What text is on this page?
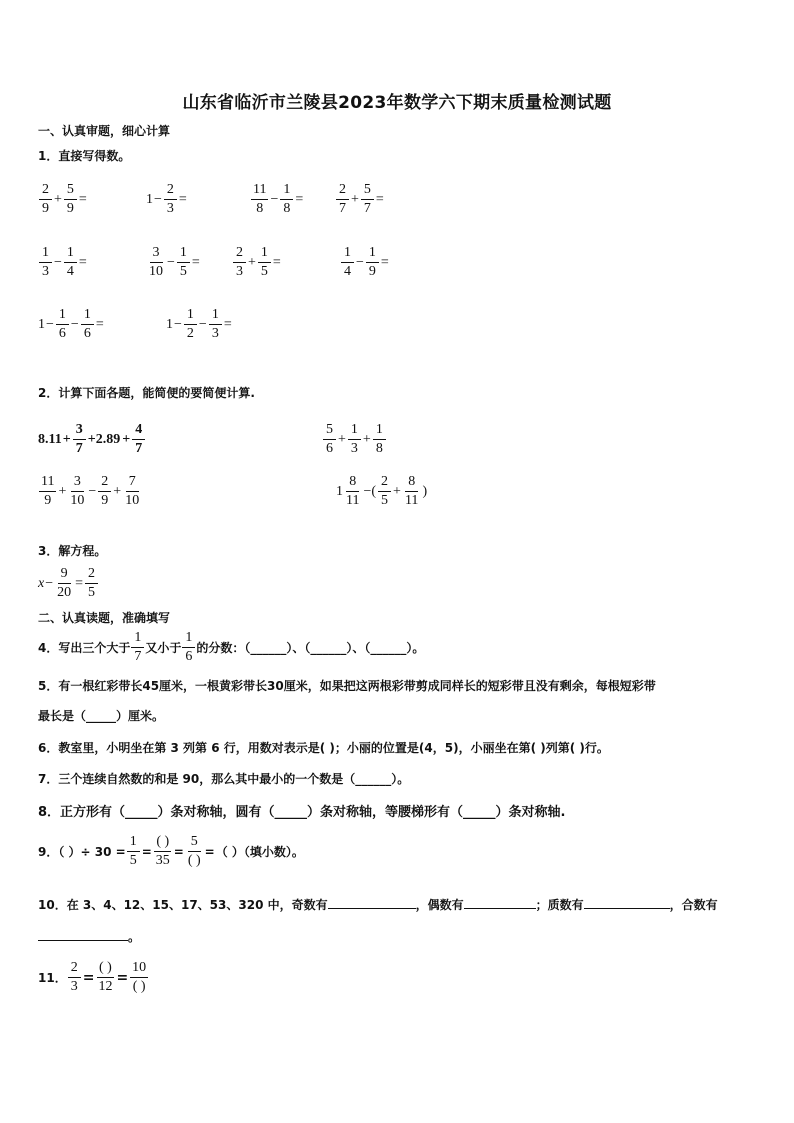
山东省临沂市兰陵县2023年数学六下期末质量检测试题
一、认真审题，细心计算
1．直接写得数。
$\frac{2}{9} + \frac{5}{9}$ =	$1 - \frac{2}{3}$ =	$\frac{11}{8} - \frac{1}{8} = \frac{2}{7} + \frac{5}{7}$ =
$\frac{1}{3} - \frac{1}{4}$ =	$\frac{3}{10} - \frac{1}{5} = \frac{2}{3} + \frac{1}{5}$ =	$\frac{1}{4} - \frac{1}{9}$ =
$1 - \frac{1}{6} - \frac{1}{6}$ =	$1 - \frac{1}{2} - \frac{1}{3}$ =
2．计算下面各题，能简便的要简便计算.
$8.11 + \frac{3}{7} +2.89 + \frac{4}{7}$	$\frac{5}{6} + \frac{1}{3} + \frac{1}{8}$
$\frac{11}{9} + \frac{3}{10} - \frac{2}{9} + \frac{7}{10}$	$1 \frac{8}{11}$ −( $\frac{2}{5} + \frac{8}{11}$ )
3．解方程。
$x - \frac{9}{20} = \frac{2}{5}$
二、认真读题，准确填写
4．写出三个大于 $\frac{1}{7}$ 又小于 $\frac{1}{6}$ 的分数：（______）、（______）、（______）。
5．有一根红彩带长45厘米，一根黄彩带长30厘米，如果把这两根彩带剪成同样长的短彩带且没有剩余，每根短彩带
最长是（_____）厘米。
6．教室里，小明坐在第 3 列第 6 行，用数对表示是( )；小丽的位置是(4，5)，小丽坐在第( )列第( )行。
7．三个连续自然数的和是 90，那么其中最小的一个数是（______）。
8．正方形有（_____）条对称轴，圆有（_____）条对称轴，等腰梯形有（_____）条对称轴.
9．（ ）÷ $30 = \frac{1}{5} = \frac{( )}{35} = \frac{5}{( )}$ = （ ）（填小数）。
10．在 3、4、12、15、17、53、320 中，奇数有	，偶数有	；质数有	，合数有
。
11． $\frac{2}{3} = \frac{( )}{12} = \frac{10}{( )}$
